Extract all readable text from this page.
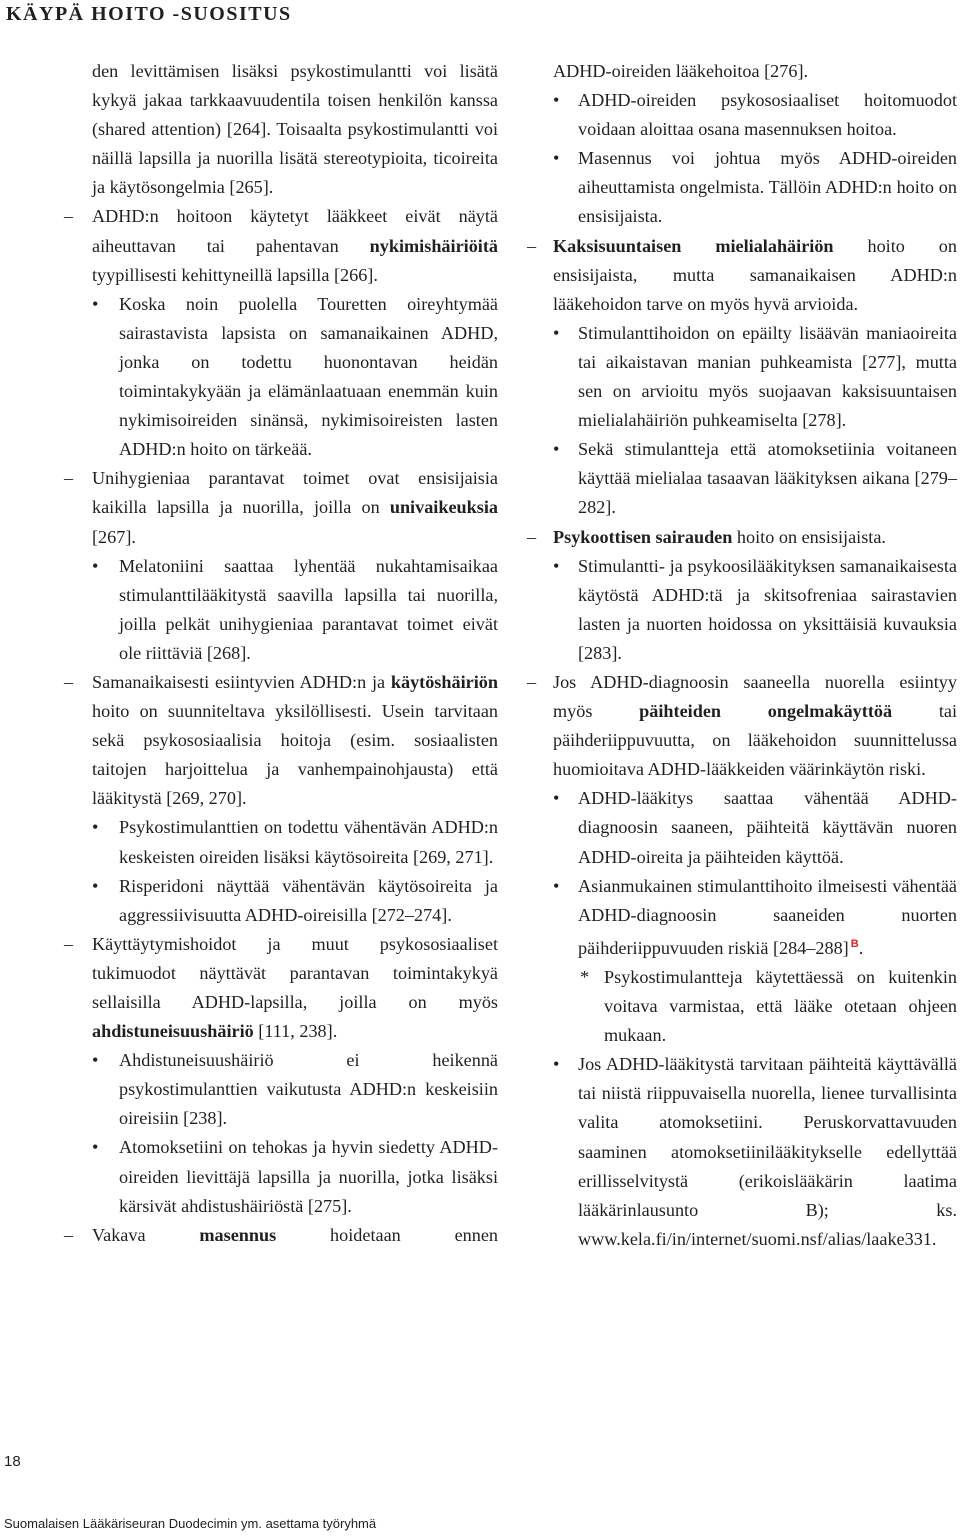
KÄYPÄ HOITO -SUOSITUS
den levittämisen lisäksi psykostimulantti voi lisätä kykyä jakaa tarkkaavuudentila toisen henkilön kanssa (shared attention) [264]. Toisaalta psykostimulantti voi näillä lapsilla ja nuorilla lisätä stereotypioita, ticoireita ja käytösongelmia [265].
– ADHD:n hoitoon käytetyt lääkkeet eivät näytä aiheuttavan tai pahentavan nykimishäiriöitä tyypillisesti kehittyneillä lapsilla [266].
• Koska noin puolella Touretten oireyhtymää sairastavista lapsista on samanaikainen ADHD, jonka on todettu huonontavan heidän toimintakykyään ja elämänlaatuaan enemmän kuin nykimisoireiden sinänsä, nykimisoireisten lasten ADHD:n hoito on tärkeää.
– Unihygieniaa parantavat toimet ovat ensisijaisia kaikilla lapsilla ja nuorilla, joilla on univaikeuksia [267].
• Melatoniini saattaa lyhentää nukahtamisaikaa stimulanttilääkitystä saavilla lapsilla tai nuorilla, joilla pelkät unihygieniaa parantavat toimet eivät ole riittäviä [268].
– Samanaikaisesti esiintyvien ADHD:n ja käytöshäiriön hoito on suunniteltava yksilöllisesti. Usein tarvitaan sekä psykososiaalisia hoitoja (esim. sosiaalisten taitojen harjoittelua ja vanhempainohjausta) että lääkitystä [269, 270].
• Psykostimulanttien on todettu vähentävän ADHD:n keskeisten oireiden lisäksi käytösoireita [269, 271].
• Risperidoni näyttää vähentävän käytösoireita ja aggressiivisuutta ADHD-oireisilla [272–274].
– Käyttäytymishoidot ja muut psykososiaaliset tukimuodot näyttävät parantavan toimintakykyä sellaisilla ADHD-lapsilla, joilla on myös ahdistuneisuushäiriö [111, 238].
• Ahdistuneisuushäiriö ei heikennä psykostimulanttien vaikutusta ADHD:n keskeisiin oireisiin [238].
• Atomoksetiini on tehokas ja hyvin siedetty ADHD-oireiden lievittäjä lapsilla ja nuorilla, jotka lisäksi kärsivät ahdistushäiriöstä [275].
– Vakava masennus hoidetaan ennen
ADHD-oireiden lääkehoitoa [276].
• ADHD-oireiden psykososiaaliset hoitomuodot voidaan aloittaa osana masennuksen hoitoa.
• Masennus voi johtua myös ADHD-oireiden aiheuttamista ongelmista. Tällöin ADHD:n hoito on ensisijaista.
– Kaksisuuntaisen mielialahäiriön hoito on ensisijaista, mutta samanaikaisen ADHD:n lääkehoidon tarve on myös hyvä arvioida.
• Stimulanttihoidon on epäilty lisäävän maniaoireita tai aikaistavan manian puhkeamista [277], mutta sen on arvioitu myös suojaavan kaksisuuntaisen mielialahäiriön puhkeamiselta [278].
• Sekä stimulantteja että atomoksetiinia voitaneen käyttää mielialaa tasaavan lääkityksen aikana [279–282].
– Psykoottisen sairauden hoito on ensisijaista.
• Stimulantti- ja psykoosilääkityksen samanaikaisesta käytöstä ADHD:tä ja skitsofreniaa sairastavien lasten ja nuorten hoidossa on yksittäisiä kuvauksia [283].
– Jos ADHD-diagnoosin saaneella nuorella esiintyy myös päihteiden ongelmakäyttöä tai päihderiippuvuutta, on lääkehoidon suunnittelussa huomioitava ADHD-lääkkeiden väärinkäytön riski.
• ADHD-lääkitys saattaa vähentää ADHD-diagnoosin saaneen, päihteitä käyttävän nuoren ADHD-oireita ja päihteiden käyttöä.
• Asianmukainen stimulanttihoito ilmeisesti vähentää ADHD-diagnoosin saaneiden nuorten päihderiippuvuuden riskiä [284–288] $^B$.
* Psykostimulantteja käytettäessä on kuitenkin voitava varmistaa, että lääke otetaan ohjeen mukaan.
• Jos ADHD-lääkitystä tarvitaan päihteitä käyttävällä tai niistä riippuvaisella nuorella, lienee turvallisinta valita atomoksetiini. Peruskorvattavuuden saaminen atomoksetiinilääkitykselle edellyttää erillisselvitystä (erikoislääkärin laatima lääkärinlausunto B); ks. www.kela.fi/in/internet/suomi.nsf/alias/laake331.
18
Suomalaisen Lääkäriseuran Duodecimin ym. asettama työryhmä
